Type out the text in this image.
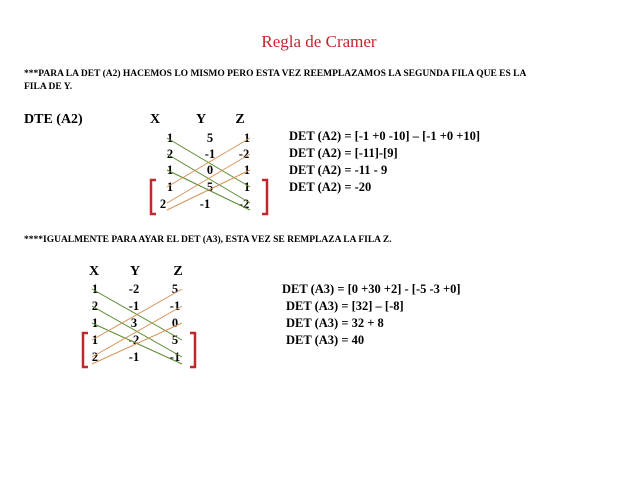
Regla de Cramer
***PARA LA DET (A2) HACEMOS LO MISMO PERO ESTA VEZ REEMPLAZAMOS LA SEGUNDA FILA QUE ES LA
FILA DE Y.
DTE (A2)	X	Y Z
1	5	1
2	-1	-2
1	0	1
1	5	1
2	-1	-2
DET (A2) = [-1 +0 -10] – [-1 +0 +10]
DET (A2) = [-11]-[9]
DET (A2) = -11 - 9
DET (A2) = -20
****IGUALMENTE PARA AYAR EL DET (A3), ESTA VEZ SE REMPLAZA LA FILA Z.
X Y Z
1	-2	5
2	-1	-1
1	3	0
1	-2	5
2	-1	-1
DET (A3) = [0 +30 +2] - [-5 -3 +0]
DET (A3) = [32] – [-8]
DET (A3) = 32 + 8
DET (A3) = 40
